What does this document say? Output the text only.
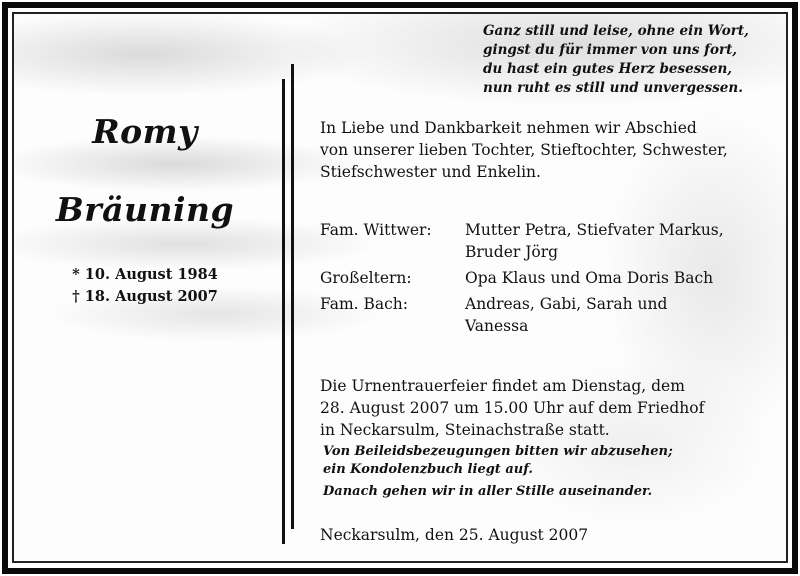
Ganz still und leise, ohne ein Wort,
gingst du für immer von uns fort,
du hast ein gutes Herz besessen,
nun ruht es still und unvergessen.
Romy
Bräuning
* 10. August 1984
† 18. August 2007
In Liebe und Dankbarkeit nehmen wir Abschied
von unserer lieben Tochter, Stieftochter, Schwester,
Stiefschwester und Enkelin.
Fam. Wittwer:	Mutter Petra, Stiefvater Markus,
Bruder Jörg
Großeltern:	Opa Klaus und Oma Doris Bach
Fam. Bach:	Andreas, Gabi, Sarah und
Vanessa
Die Urnentrauerfeier findet am Dienstag, dem
28. August 2007 um 15.00 Uhr auf dem Friedhof
in Neckarsulm, Steinachstraße statt.
Von Beileidsbezeugungen bitten wir abzusehen;
ein Kondolenzbuch liegt auf.
Danach gehen wir in aller Stille auseinander.
Neckarsulm, den 25. August 2007
